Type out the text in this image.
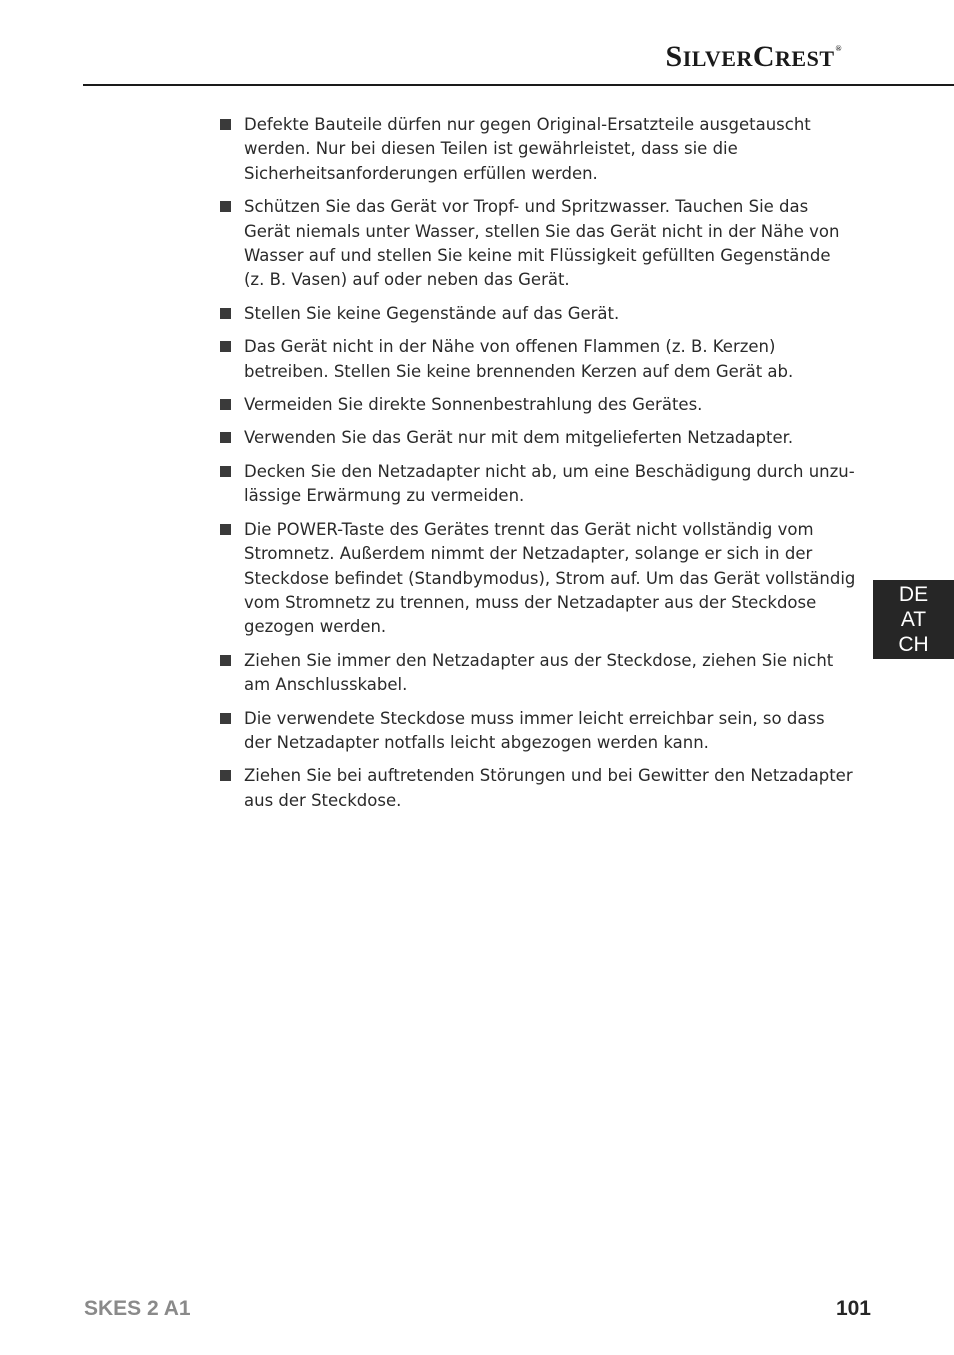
SILVERCREST®
Defekte Bauteile dürfen nur gegen Original-Ersatzteile ausgetauscht werden. Nur bei diesen Teilen ist gewährleistet, dass sie die Sicherheitsanforderungen erfüllen werden.
Schützen Sie das Gerät vor Tropf- und Spritzwasser. Tauchen Sie das Gerät niemals unter Wasser, stellen Sie das Gerät nicht in der Nähe von Wasser auf und stellen Sie keine mit Flüssigkeit gefüllten Gegenstände (z. B. Vasen) auf oder neben das Gerät.
Stellen Sie keine Gegenstände auf das Gerät.
Das Gerät nicht in der Nähe von offenen Flammen (z. B. Kerzen) betreiben. Stellen Sie keine brennenden Kerzen auf dem Gerät ab.
Vermeiden Sie direkte Sonnenbestrahlung des Gerätes.
Verwenden Sie das Gerät nur mit dem mitgelieferten Netzadapter.
Decken Sie den Netzadapter nicht ab, um eine Beschädigung durch unzulässige Erwärmung zu vermeiden.
Die POWER-Taste des Gerätes trennt das Gerät nicht vollständig vom Stromnetz. Außerdem nimmt der Netzadapter, solange er sich in der Steckdose befindet (Standbymodus), Strom auf. Um das Gerät vollständig vom Stromnetz zu trennen, muss der Netzadapter aus der Steckdose gezogen werden.
Ziehen Sie immer den Netzadapter aus der Steckdose, ziehen Sie nicht am Anschlusskabel.
Die verwendete Steckdose muss immer leicht erreichbar sein, so dass der Netzadapter notfalls leicht abgezogen werden kann.
Ziehen Sie bei auftretenden Störungen und bei Gewitter den Netzadapter aus der Steckdose.
DE
AT
CH
SKES 2 A1	101
